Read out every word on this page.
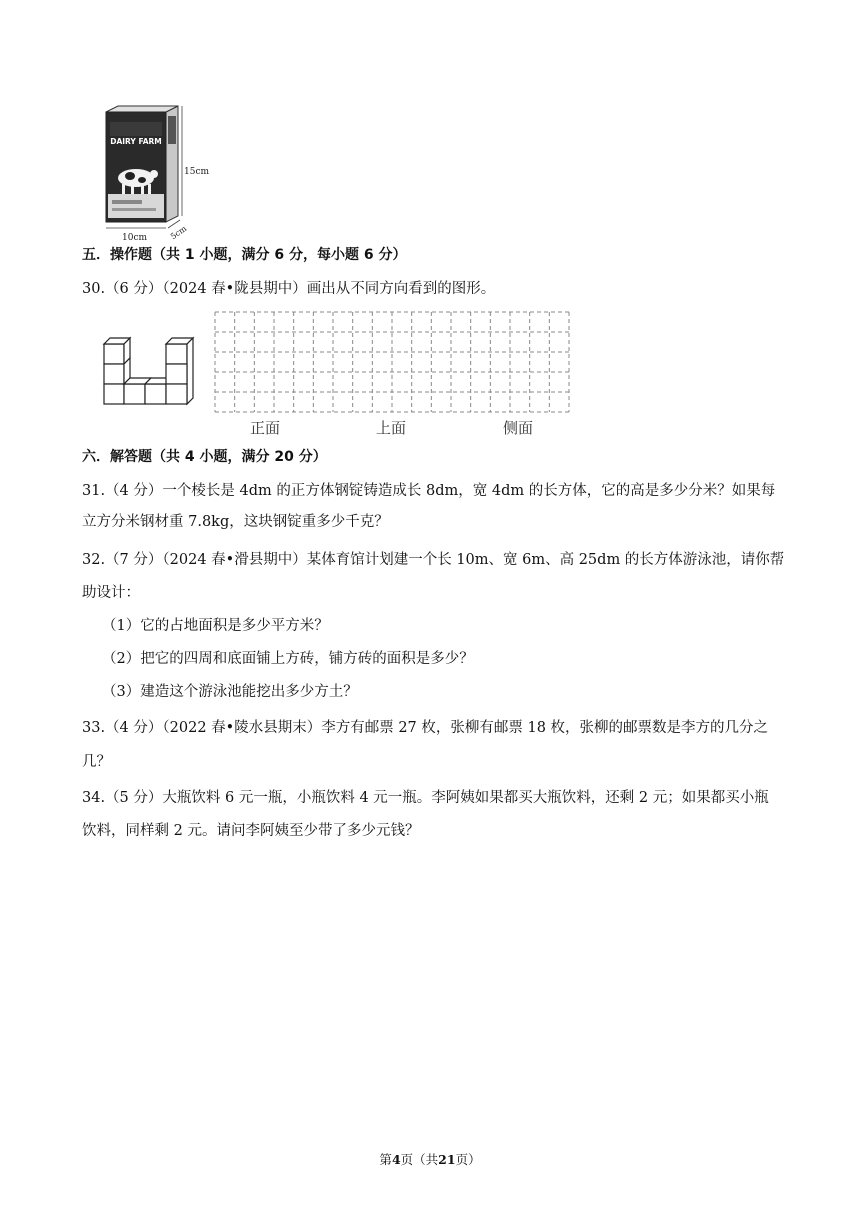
DAIRY FARM
15cm
5cm
10cm
五．操作题（共 1 小题，满分 6 分，每小题 6 分）
30.（6 分）（2024 春•陇县期中）画出从不同方向看到的图形。
正面	上面	侧面
六．解答题（共 4 小题，满分 20 分）
31.（4 分）一个棱长是 4dm 的正方体钢锭铸造成长 8dm，宽 4dm 的长方体，它的高是多少分米？如果每
立方分米钢材重 7.8kg，这块钢锭重多少千克？
32.（7 分）（2024 春•滑县期中）某体育馆计划建一个长 10m、宽 6m、高 25dm 的长方体游泳池，请你帮
助设计：
（1）它的占地面积是多少平方米？
（2）把它的四周和底面铺上方砖，铺方砖的面积是多少？
（3）建造这个游泳池能挖出多少方土？
33.（4 分）（2022 春•陵水县期末）李方有邮票 27 枚，张柳有邮票 18 枚，张柳的邮票数是李方的几分之
几？
34.（5 分）大瓶饮料 6 元一瓶，小瓶饮料 4 元一瓶。李阿姨如果都买大瓶饮料，还剩 2 元；如果都买小瓶
饮料，同样剩 2 元。请问李阿姨至少带了多少元钱？
第4页（共21页）
